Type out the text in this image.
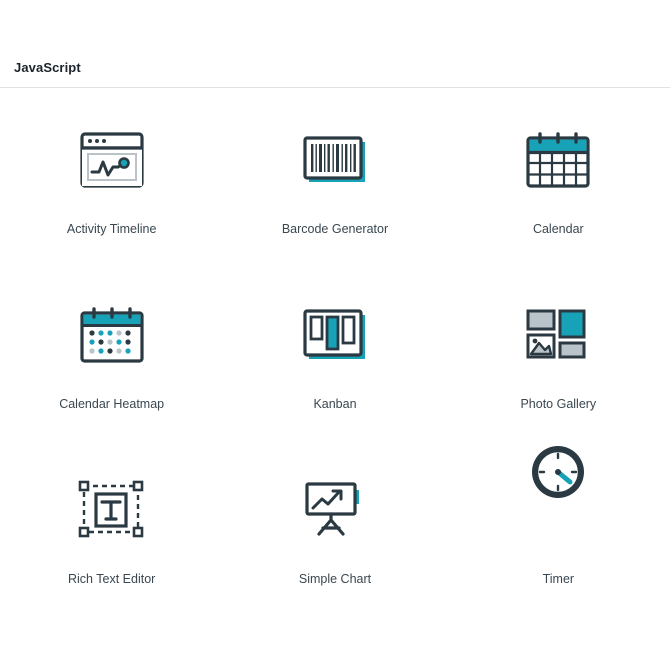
JavaScript
Activity Timeline	Barcode Generator	Calendar
Calendar Heatmap	Kanban	Photo Gallery
Rich Text Editor	Simple Chart	Timer
